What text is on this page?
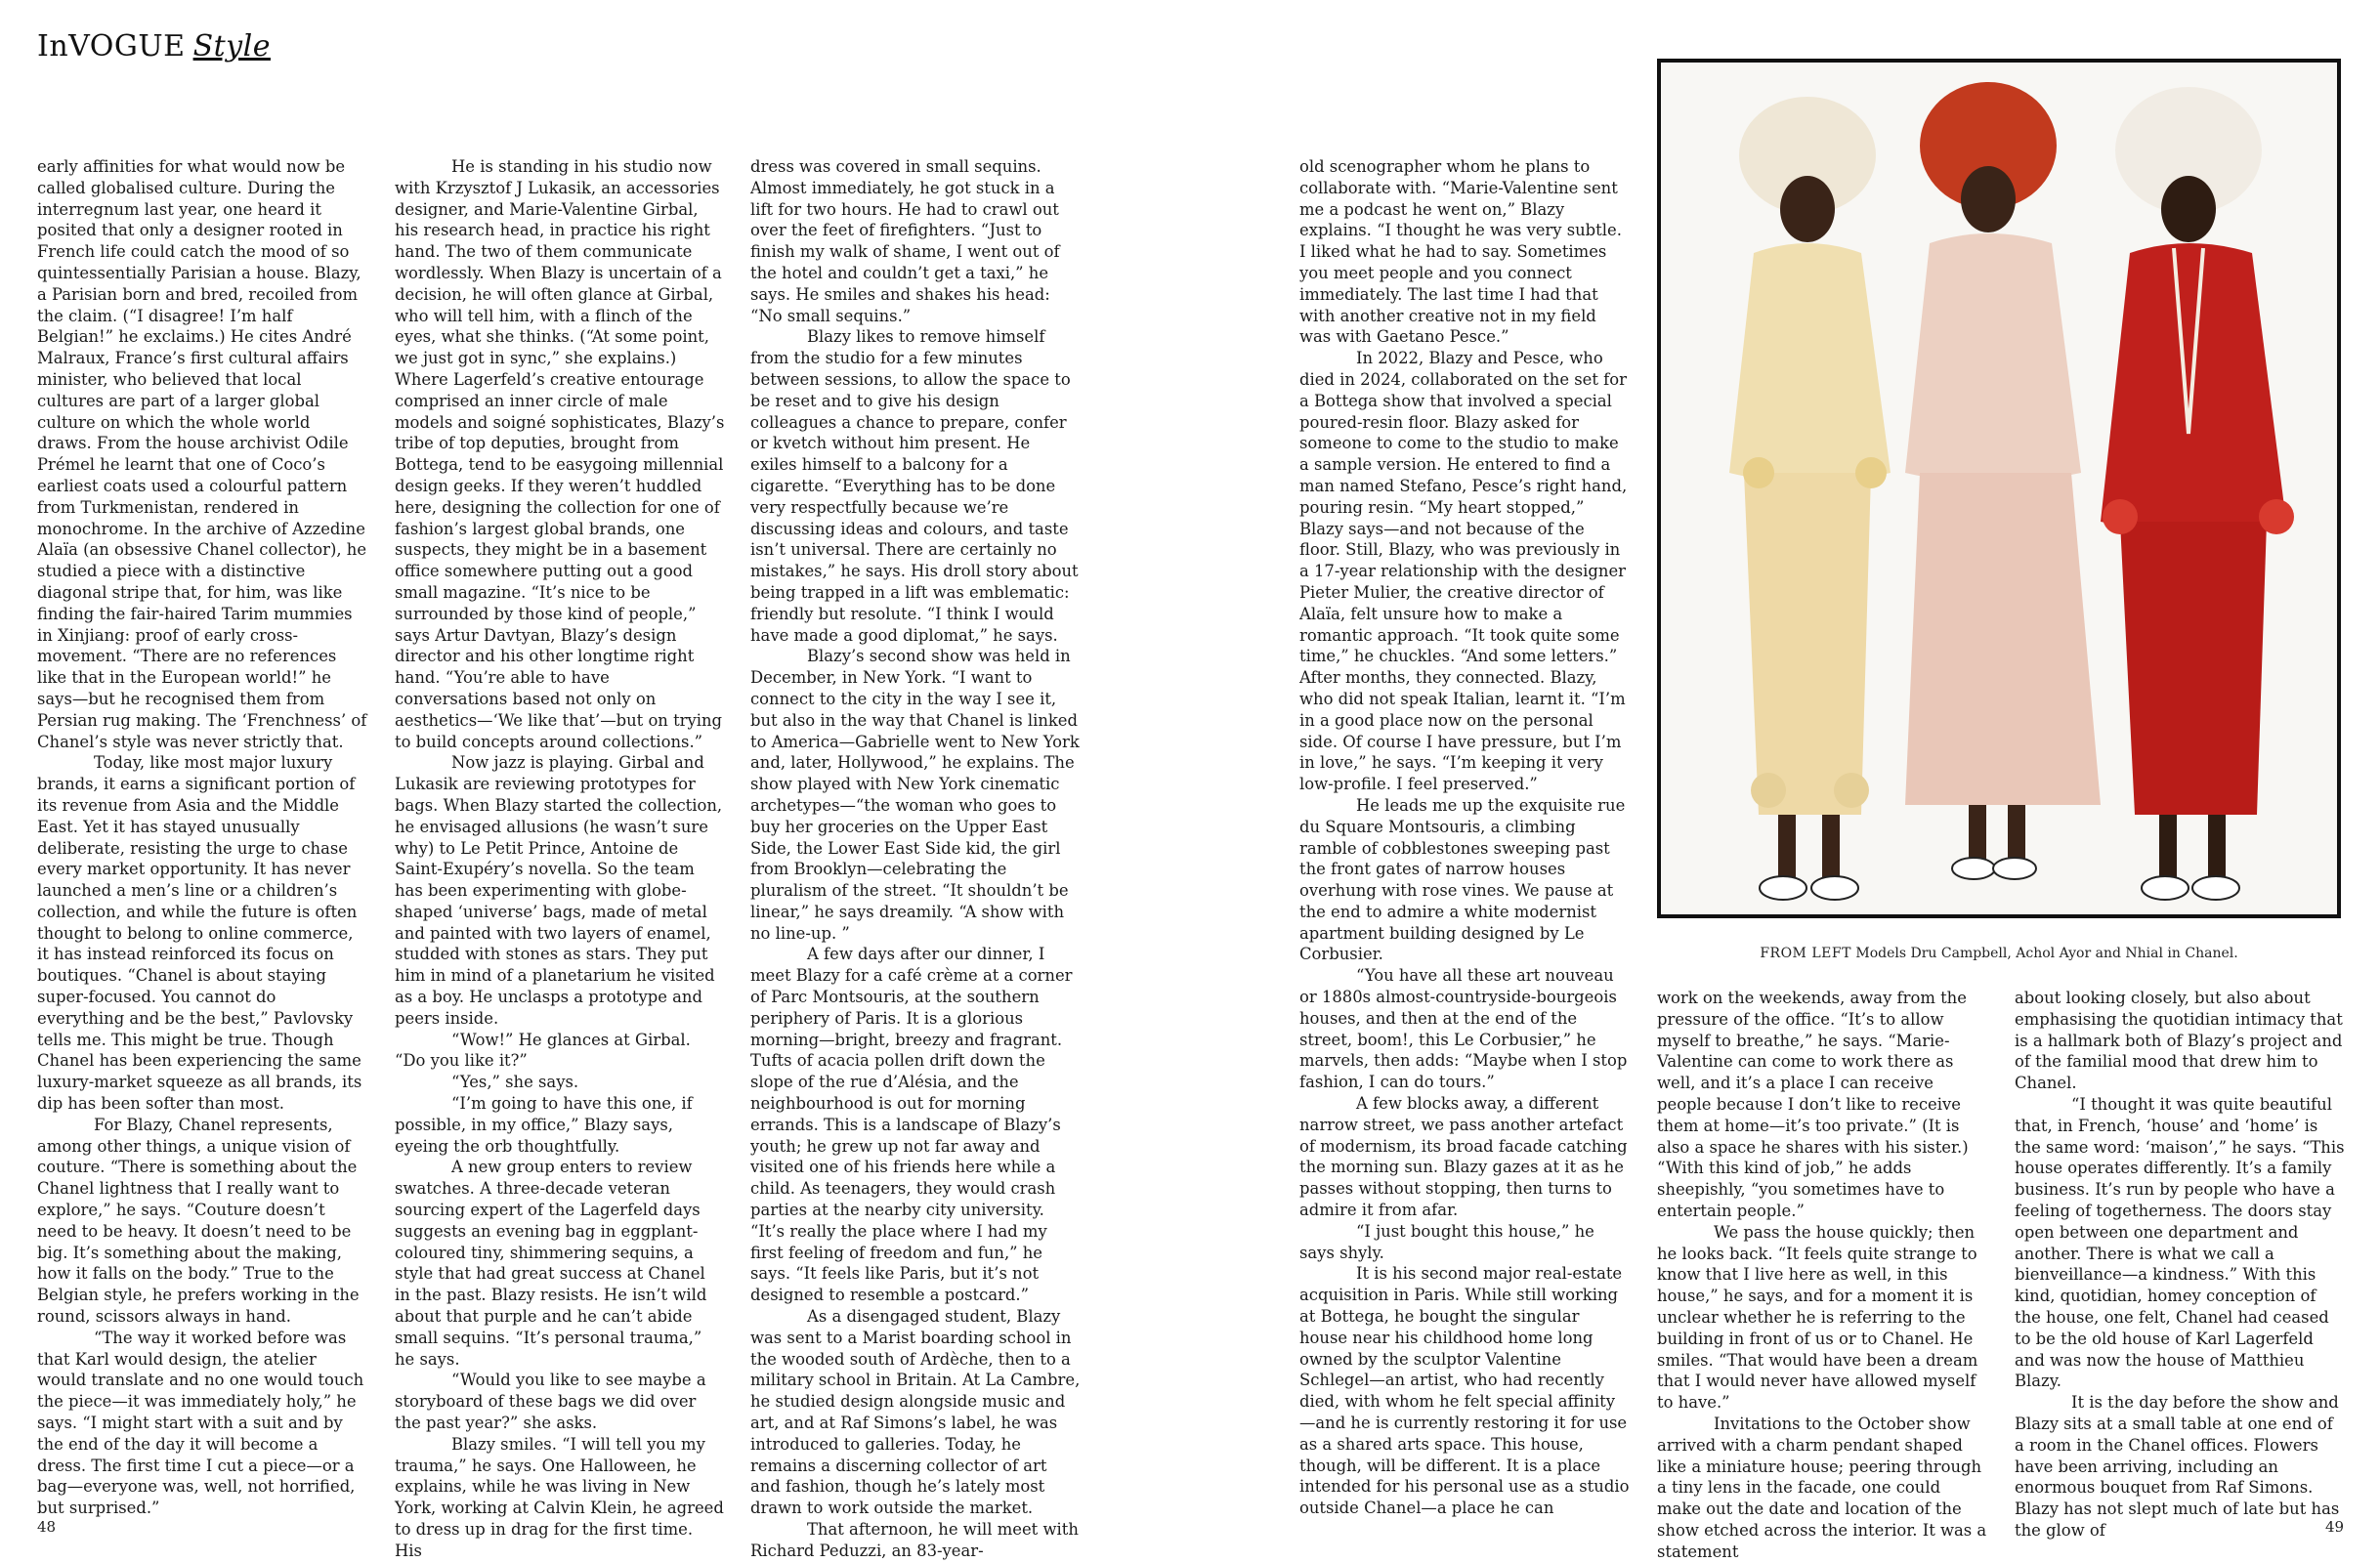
InVOGUE Style

early affinities for what would now be called globalised culture. During the interregnum last year, one heard it posited that only a designer rooted in French life could catch the mood of so quintessentially Parisian a house. Blazy, a Parisian born and bred, recoiled from the claim. (“I disagree! I’m half Belgian!” he exclaims.) He cites André Malraux, France’s first cultural affairs minister, who believed that local cultures are part of a larger global culture on which the whole world draws. From the house archivist Odile Prémel he learnt that one of Coco’s earliest coats used a colourful pattern from Turkmenistan, rendered in monochrome. In the archive of Azzedine Alaïa (an obsessive Chanel collector), he studied a piece with a distinctive diagonal stripe that, for him, was like finding the fair-haired Tarim mummies in Xinjiang: proof of early cross-movement. “There are no references like that in the European world!” he says—but he recognised them from Persian rug making. The ‘Frenchness’ of Chanel’s style was never strictly that.

Today, like most major luxury brands, it earns a significant portion of its revenue from Asia and the Middle East. Yet it has stayed unusually deliberate, resisting the urge to chase every market opportunity. It has never launched a men’s line or a children’s collection, and while the future is often thought to belong to online commerce, it has instead reinforced its focus on boutiques. “Chanel is about staying super-focused. You cannot do everything and be the best,” Pavlovsky tells me. This might be true. Though Chanel has been experiencing the same luxury-market squeeze as all brands, its dip has been softer than most.

For Blazy, Chanel represents, among other things, a unique vision of couture. “There is something about the Chanel lightness that I really want to explore,” he says. “Couture doesn’t need to be heavy. It doesn’t need to be big. It’s something about the making, how it falls on the body.” True to the Belgian style, he prefers working in the round, scissors always in hand.

“The way it worked before was that Karl would design, the atelier would translate and no one would touch the piece—it was immediately holy,” he says. “I might start with a suit and by the end of the day it will become a dress. The first time I cut a piece—or a bag—everyone was, well, not horrified, but surprised.”

He is standing in his studio now with Krzysztof J Lukasik, an accessories designer, and Marie-Valentine Girbal, his research head, in practice his right hand. The two of them communicate wordlessly. When Blazy is uncertain of a decision, he will often glance at Girbal, who will tell him, with a flinch of the eyes, what she thinks. (“At some point, we just got in sync,” she explains.) Where Lagerfeld’s creative entourage comprised an inner circle of male models and soigné sophisticates, Blazy’s tribe of top deputies, brought from Bottega, tend to be easygoing millennial design geeks. If they weren’t huddled here, designing the collection for one of fashion’s largest global brands, one suspects, they might be in a basement office somewhere putting out a good small magazine. “It’s nice to be surrounded by those kind of people,” says Artur Davtyan, Blazy’s design director and his other longtime right hand. “You’re able to have conversations based not only on aesthetics—‘We like that’—but on trying to build concepts around collections.”

Now jazz is playing. Girbal and Lukasik are reviewing prototypes for bags. When Blazy started the collection, he envisaged allusions (he wasn’t sure why) to Le Petit Prince, Antoine de Saint-Exupéry’s novella. So the team has been experimenting with globe-shaped ‘universe’ bags, made of metal and painted with two layers of enamel, studded with stones as stars. They put him in mind of a planetarium he visited as a boy. He unclasps a prototype and peers inside.

“Wow!” He glances at Girbal. “Do you like it?”

“Yes,” she says.

“I’m going to have this one, if possible, in my office,” Blazy says, eyeing the orb thoughtfully.

A new group enters to review swatches. A three-decade veteran sourcing expert of the Lagerfeld days suggests an evening bag in eggplant-coloured tiny, shimmering sequins, a style that had great success at Chanel in the past. Blazy resists. He isn’t wild about that purple and he can’t abide small sequins. “It’s personal trauma,” he says.

“Would you like to see maybe a storyboard of these bags we did over the past year?” she asks.

Blazy smiles. “I will tell you my trauma,” he says. One Halloween, he explains, while he was living in New York, working at Calvin Klein, he agreed to dress up in drag for the first time. His

dress was covered in small sequins. Almost immediately, he got stuck in a lift for two hours. He had to crawl out over the feet of firefighters. “Just to finish my walk of shame, I went out of the hotel and couldn’t get a taxi,” he says. He smiles and shakes his head: “No small sequins.”

Blazy likes to remove himself from the studio for a few minutes between sessions, to allow the space to be reset and to give his design colleagues a chance to prepare, confer or kvetch without him present. He exiles himself to a balcony for a cigarette. “Everything has to be done very respectfully because we’re discussing ideas and colours, and taste isn’t universal. There are certainly no mistakes,” he says. His droll story about being trapped in a lift was emblematic: friendly but resolute. “I think I would have made a good diplomat,” he says.

Blazy’s second show was held in December, in New York. “I want to connect to the city in the way I see it, but also in the way that Chanel is linked to America—Gabrielle went to New York and, later, Hollywood,” he explains. The show played with New York cinematic archetypes—“the woman who goes to buy her groceries on the Upper East Side, the Lower East Side kid, the girl from Brooklyn—celebrating the pluralism of the street. “It shouldn’t be linear,” he says dreamily. “A show with no line-up. ”

A few days after our dinner, I meet Blazy for a café crème at a corner of Parc Montsouris, at the southern periphery of Paris. It is a glorious morning—bright, breezy and fragrant. Tufts of acacia pollen drift down the slope of the rue d’Alésia, and the neighbourhood is out for morning errands. This is a landscape of Blazy’s youth; he grew up not far away and visited one of his friends here while a child. As teenagers, they would crash parties at the nearby city university. “It’s really the place where I had my first feeling of freedom and fun,” he says. “It feels like Paris, but it’s not designed to resemble a postcard.”

As a disengaged student, Blazy was sent to a Marist boarding school in the wooded south of Ardèche, then to a military school in Britain. At La Cambre, he studied design alongside music and art, and at Raf Simons’s label, he was introduced to galleries. Today, he remains a discerning collector of art and fashion, though he’s lately most drawn to work outside the market.

That afternoon, he will meet with Richard Peduzzi, an 83-year-

old scenographer whom he plans to collaborate with. “Marie-Valentine sent me a podcast he went on,” Blazy explains. “I thought he was very subtle. I liked what he had to say. Sometimes you meet people and you connect immediately. The last time I had that with another creative not in my field was with Gaetano Pesce.”

In 2022, Blazy and Pesce, who died in 2024, collaborated on the set for a Bottega show that involved a special poured-resin floor. Blazy asked for someone to come to the studio to make a sample version. He entered to find a man named Stefano, Pesce’s right hand, pouring resin. “My heart stopped,” Blazy says—and not because of the floor. Still, Blazy, who was previously in a 17-year relationship with the designer Pieter Mulier, the creative director of Alaïa, felt unsure how to make a romantic approach. “It took quite some time,” he chuckles. “And some letters.” After months, they connected. Blazy, who did not speak Italian, learnt it. “I’m in a good place now on the personal side. Of course I have pressure, but I’m in love,” he says. “I’m keeping it very low-profile. I feel preserved.”

He leads me up the exquisite rue du Square Montsouris, a climbing ramble of cobblestones sweeping past the front gates of narrow houses overhung with rose vines. We pause at the end to admire a white modernist apartment building designed by Le Corbusier.

“You have all these art nouveau or 1880s almost-countryside-bourgeois houses, and then at the end of the street, boom!, this Le Corbusier,” he marvels, then adds: “Maybe when I stop fashion, I can do tours.”

A few blocks away, a different narrow street, we pass another artefact of modernism, its broad facade catching the morning sun. Blazy gazes at it as he passes without stopping, then turns to admire it from afar.

“I just bought this house,” he says shyly.

It is his second major real-estate acquisition in Paris. While still working at Bottega, he bought the singular house near his childhood home long owned by the sculptor Valentine Schlegel—an artist, who had recently died, with whom he felt special affinity—and he is currently restoring it for use as a shared arts space. This house, though, will be different. It is a place intended for his personal use as a studio outside Chanel—a place he can

work on the weekends, away from the pressure of the office. “It’s to allow myself to breathe,” he says. “Marie-Valentine can come to work there as well, and it’s a place I can receive people because I don’t like to receive them at home—it’s too private.” (It is also a space he shares with his sister.) “With this kind of job,” he adds sheepishly, “you sometimes have to entertain people.”

We pass the house quickly; then he looks back. “It feels quite strange to know that I live here as well, in this house,” he says, and for a moment it is unclear whether he is referring to the building in front of us or to Chanel. He smiles. “That would have been a dream that I would never have allowed myself to have.”

Invitations to the October show arrived with a charm pendant shaped like a miniature house; peering through a tiny lens in the facade, one could make out the date and location of the show etched across the interior. It was a statement

about looking closely, but also about emphasising the quotidian intimacy that is a hallmark both of Blazy’s project and of the familial mood that drew him to Chanel.

“I thought it was quite beautiful that, in French, ‘house’ and ‘home’ is the same word: ‘maison’,” he says. “This house operates differently. It’s a family business. It’s run by people who have a feeling of togetherness. The doors stay open between one department and another. There is what we call a bienveillance—a kindness.” With this kind, quotidian, homey conception of the house, one felt, Chanel had ceased to be the old house of Karl Lagerfeld and was now the house of Matthieu Blazy.

It is the day before the show and Blazy sits at a small table at one end of a room in the Chanel offices. Flowers have been arriving, including an enormous bouquet from Raf Simons. Blazy has not slept much of late but has the glow of

FROM LEFT Models Dru Campbell, Achol Ayor and Nhial in Chanel.
48	49
